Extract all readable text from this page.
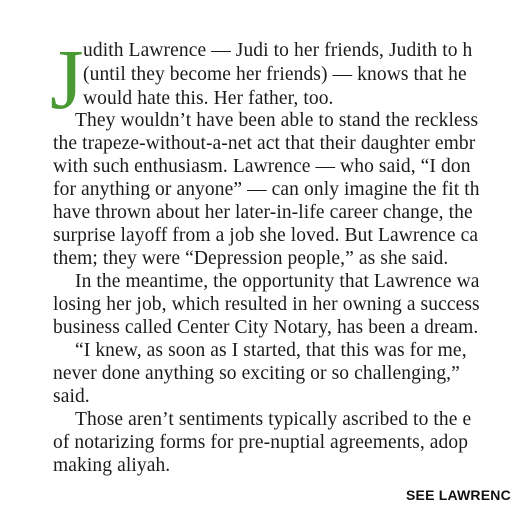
J udith Lawrence — Judi to her friends, Judith to h
(until they become her friends) — knows that he
would hate this. Her father, too.
They wouldn’t have been able to stand the reckless
the trapeze-without-a-net act that their daughter embr
with such enthusiasm. Lawrence — who said, “I don
for anything or anyone” — can only imagine the fit th
have thrown about her later-in-life career change, the
surprise layoff from a job she loved. But Lawrence ca
them; they were “Depression people,” as she said.
In the meantime, the opportunity that Lawrence wa
losing her job, which resulted in her owning a success
business called Center City Notary, has been a dream.
“I knew, as soon as I started, that this was for me,
never done anything so exciting or so challenging,”
said.
Those aren’t sentiments typically ascribed to the e
of notarizing forms for pre-nuptial agreements, adop
making aliyah.
SEE LAWRENC
